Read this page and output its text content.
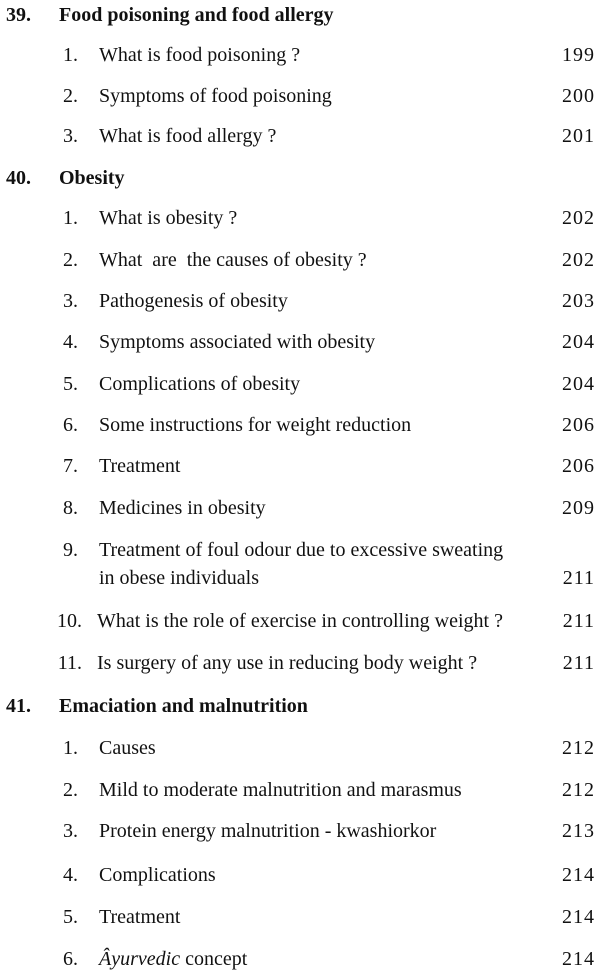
39. Food poisoning and food allergy
1. What is food poisoning ?	199
2. Symptoms of food poisoning	200
3. What is food allergy ?	201
40. Obesity
1. What is obesity ?	202
2. What  are  the causes of obesity ?	202
3. Pathogenesis of obesity	203
4. Symptoms associated with obesity	204
5. Complications of obesity	204
6. Some instructions for weight reduction	206
7. Treatment	206
8. Medicines in obesity	209
9. Treatment of foul odour due to excessive sweating
in obese individuals	211
10. What is the role of exercise in controlling weight ?	211
11. Is surgery of any use in reducing body weight ?	211
41. Emaciation and malnutrition
1. Causes	212
2. Mild to moderate malnutrition and marasmus	212
3. Protein energy malnutrition - kwashiorkor	213
4. Complications	214
5. Treatment	214
6. Âyurvedic concept	214
